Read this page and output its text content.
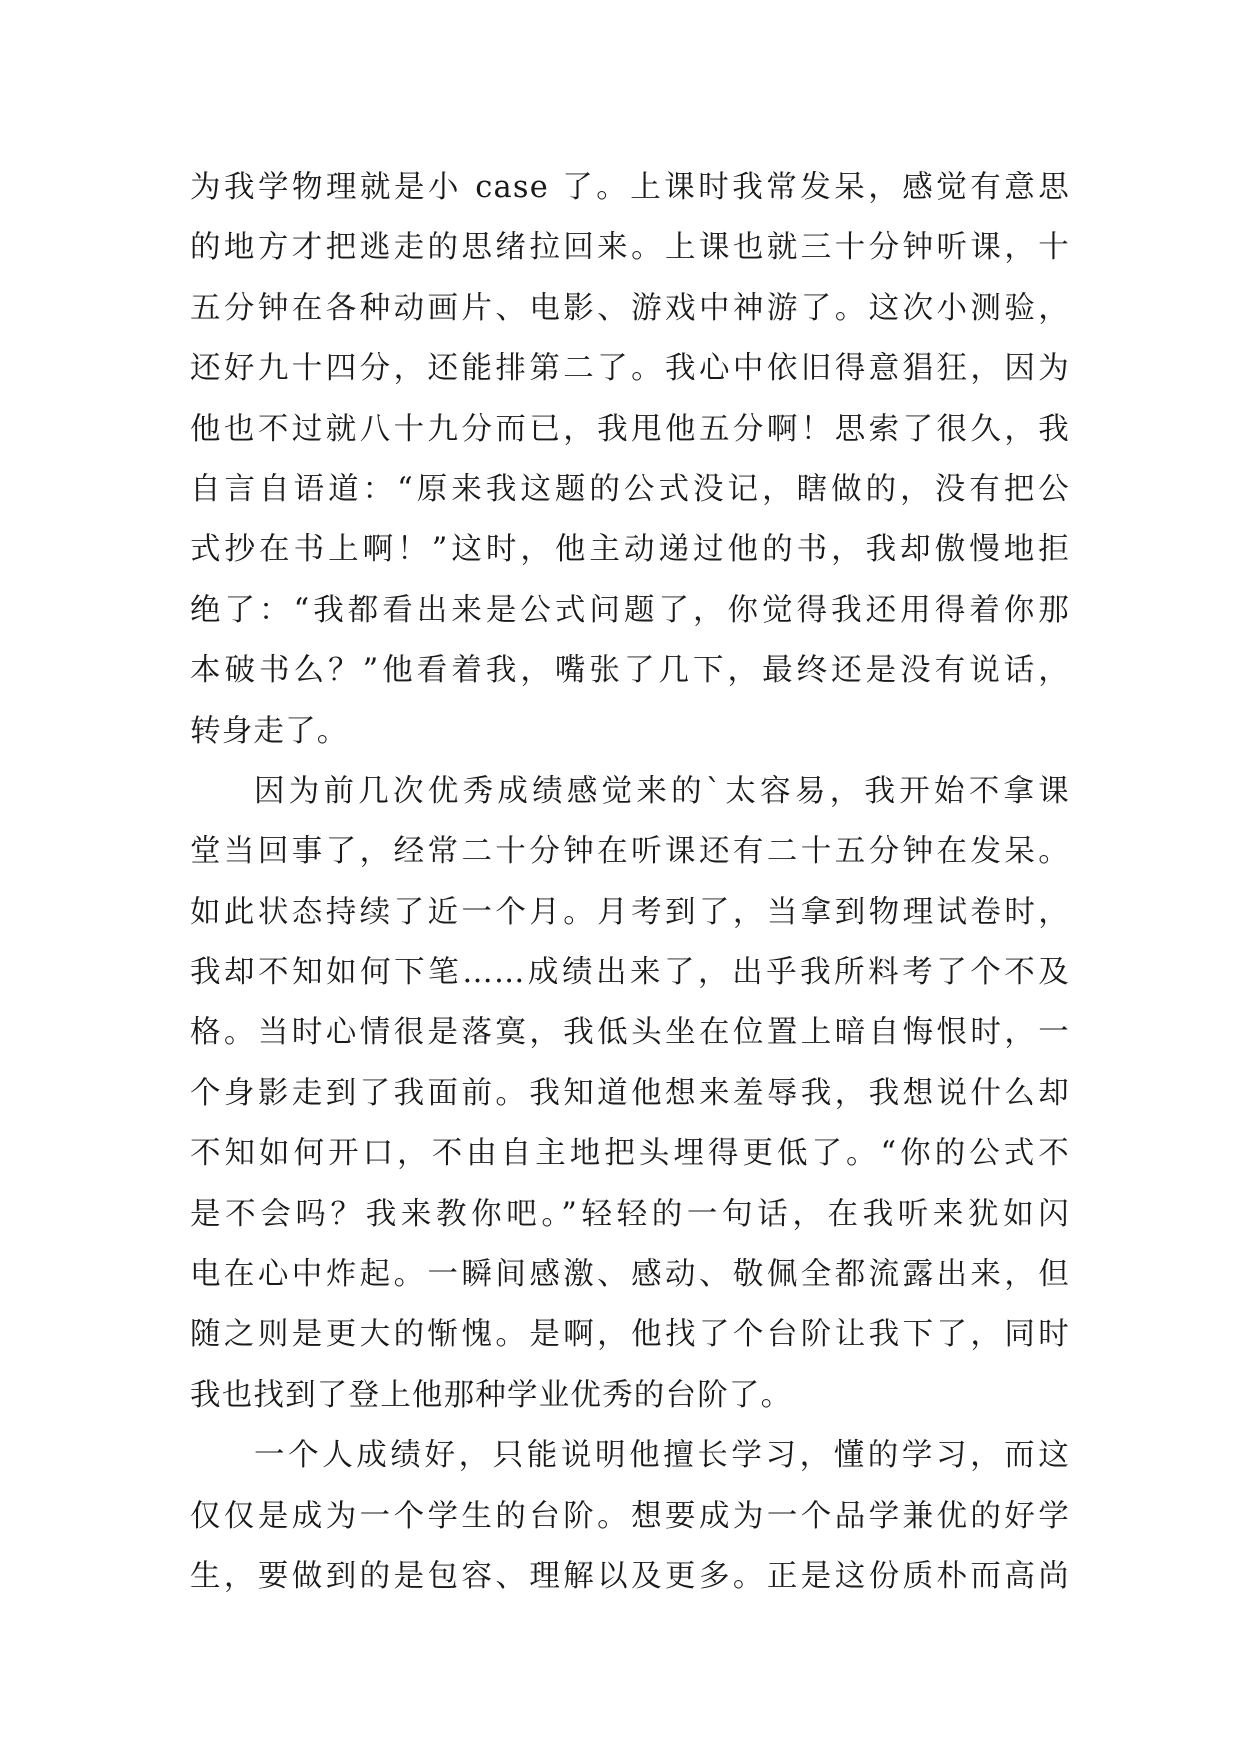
为我学物理就是小 case 了。上课时我常发呆，感觉有意思
的地方才把逃走的思绪拉回来。上课也就三十分钟听课，十
五分钟在各种动画片、电影、游戏中神游了。这次小测验，
还好九十四分，还能排第二了。我心中依旧得意猖狂，因为
他也不过就八十九分而已，我甩他五分啊！思索了很久，我
自言自语道：“原来我这题的公式没记，瞎做的，没有把公
式抄在书上啊！”这时，他主动递过他的书，我却傲慢地拒
绝了：“我都看出来是公式问题了，你觉得我还用得着你那
本破书么？”他看着我，嘴张了几下，最终还是没有说话，
转身走了。
因为前几次优秀成绩感觉来的`太容易，我开始不拿课
堂当回事了，经常二十分钟在听课还有二十五分钟在发呆。
如此状态持续了近一个月。月考到了，当拿到物理试卷时，
我却不知如何下笔……成绩出来了，出乎我所料考了个不及
格。当时心情很是落寞，我低头坐在位置上暗自悔恨时，一
个身影走到了我面前。我知道他想来羞辱我，我想说什么却
不知如何开口，不由自主地把头埋得更低了。“你的公式不
是不会吗？我来教你吧。”轻轻的一句话，在我听来犹如闪
电在心中炸起。一瞬间感激、感动、敬佩全都流露出来，但
随之则是更大的惭愧。是啊，他找了个台阶让我下了，同时
我也找到了登上他那种学业优秀的台阶了。
一个人成绩好，只能说明他擅长学习，懂的学习，而这
仅仅是成为一个学生的台阶。想要成为一个品学兼优的好学
生，要做到的是包容、理解以及更多。正是这份质朴而高尚
